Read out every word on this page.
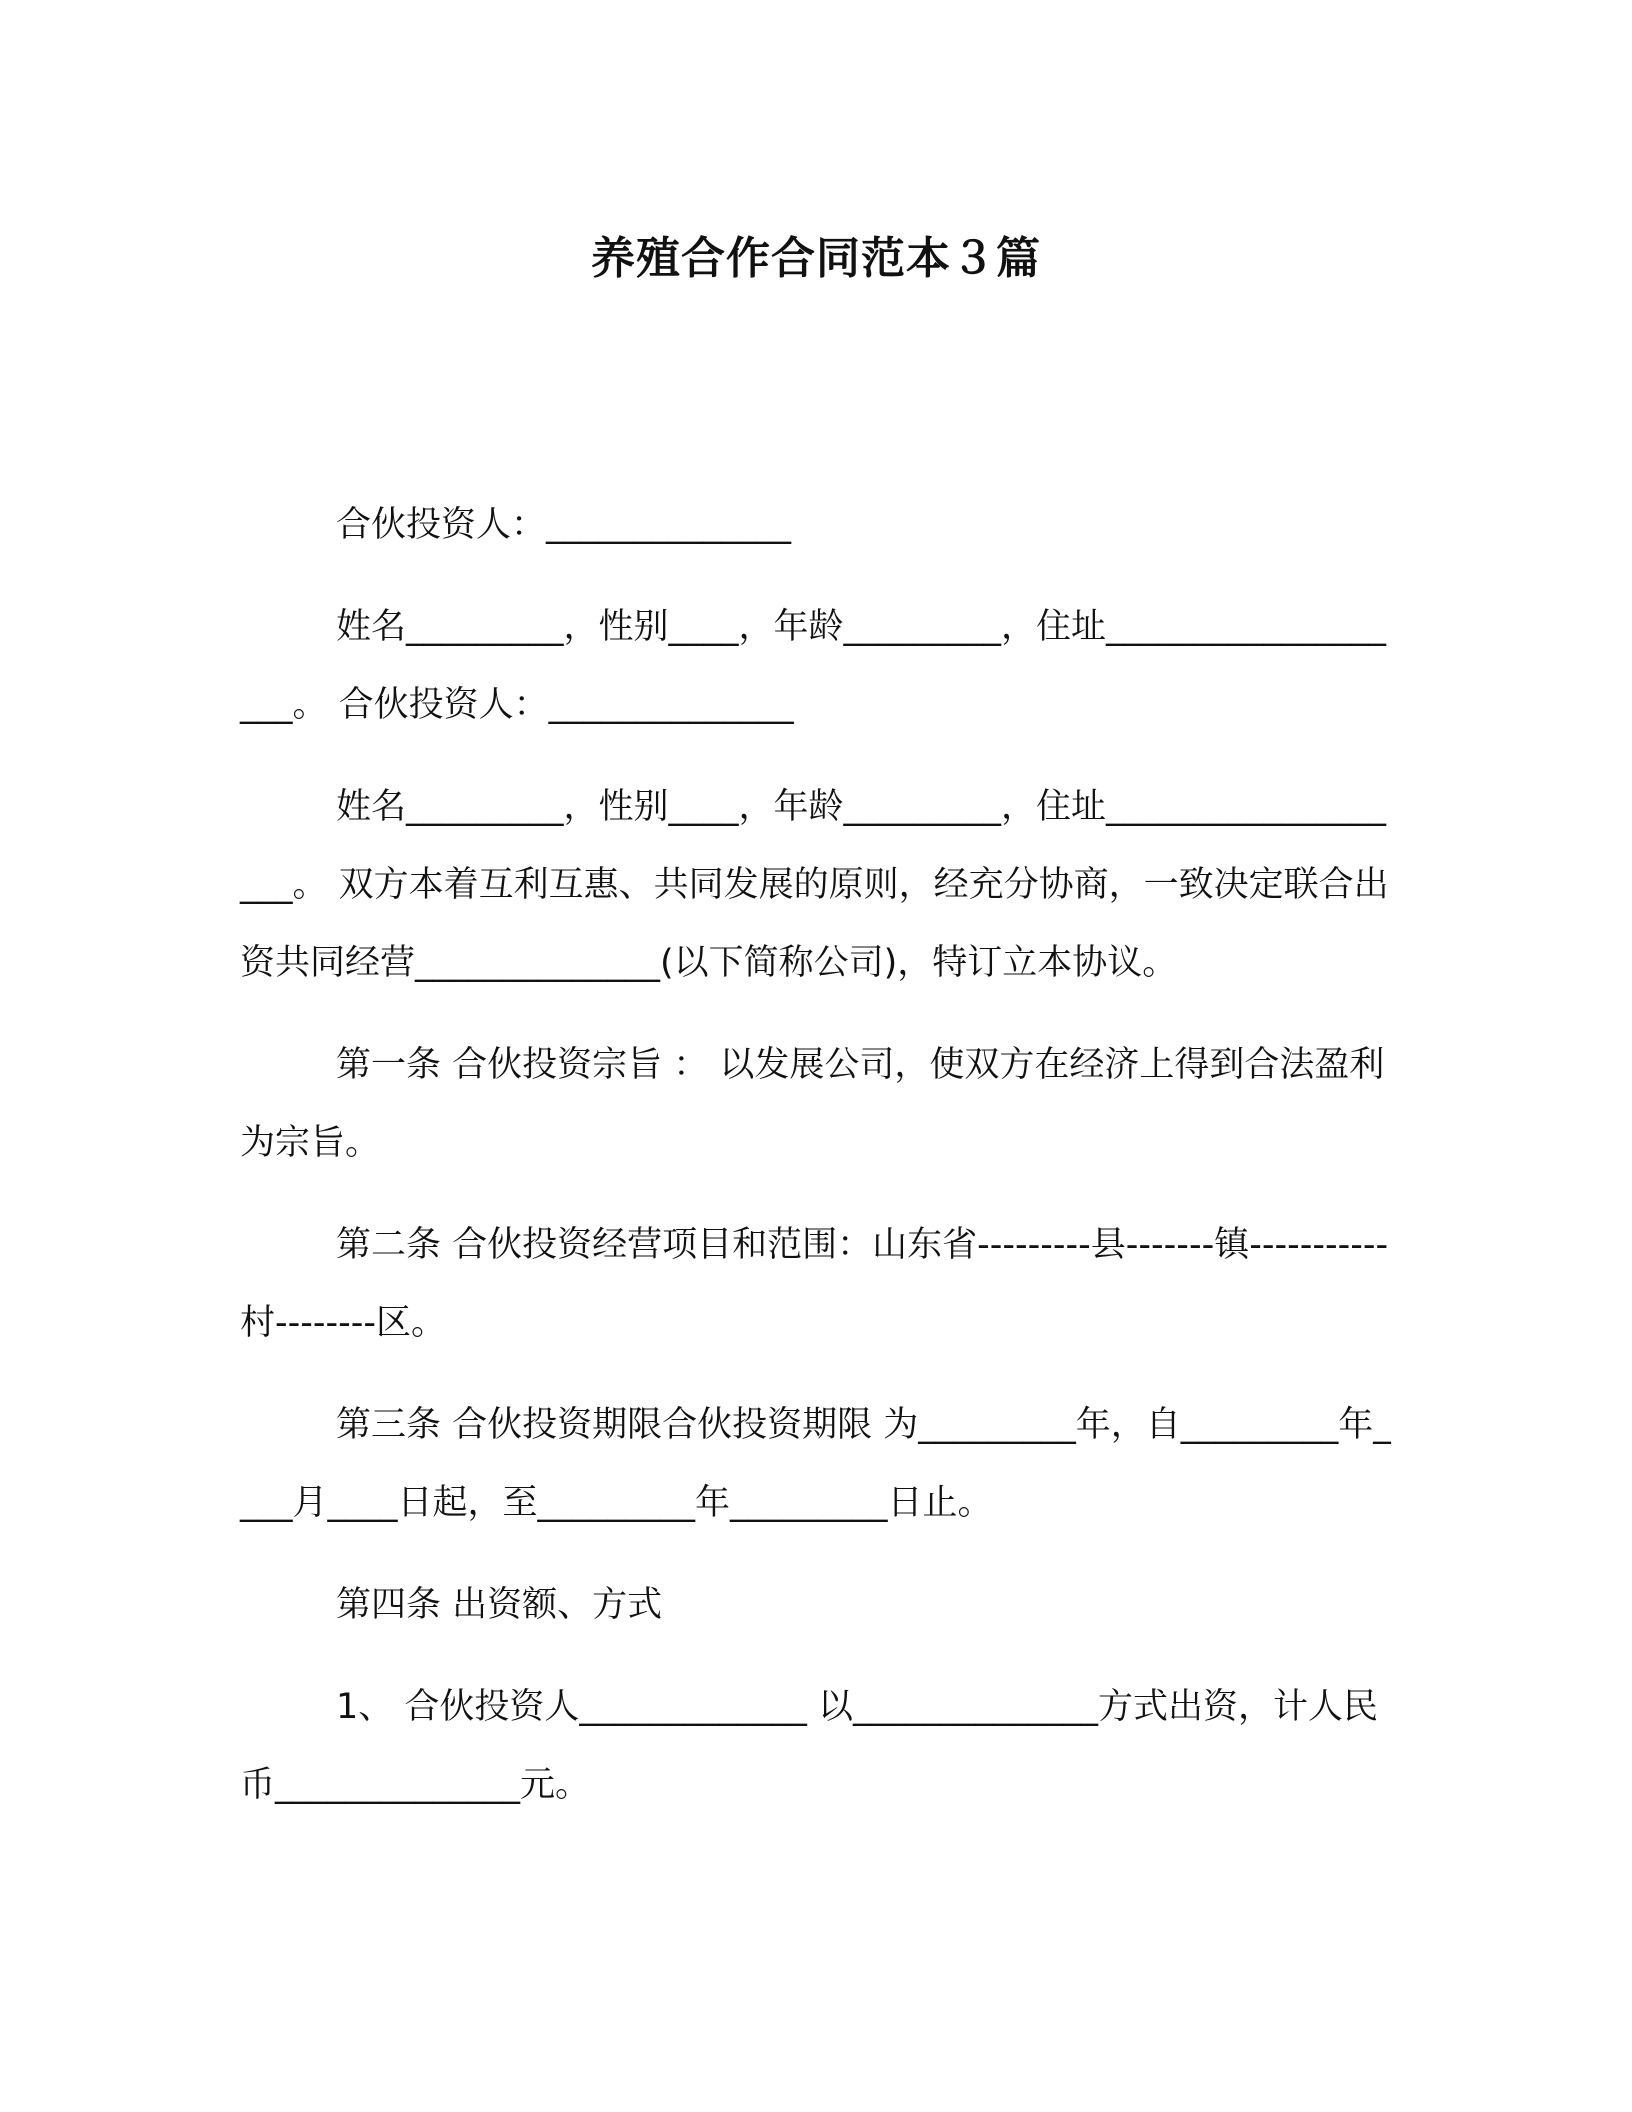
养殖合作合同范本３篇

合伙投资人：______________

姓名_________，性别____，年龄_________，住址___________________。 合伙投资人：______________

姓名_________，性别____，年龄_________，住址___________________。 双方本着互利互惠、共同发展的原则，经充分协商，一致决定联合出资共同经营______________(以下简称公司)，特订立本协议。

第一条 合伙投资宗旨 ： 以发展公司，使双方在经济上得到合法盈利为宗旨。

第二条 合伙投资经营项目和范围：山东省---------县-------镇-----------村--------区。

第三条 合伙投资期限合伙投资期限 为_________年，自_________年____月____日起，至_________年_________日止。

第四条 出资额、方式

1、 合伙投资人_____________ 以______________方式出资，计人民币______________元。
